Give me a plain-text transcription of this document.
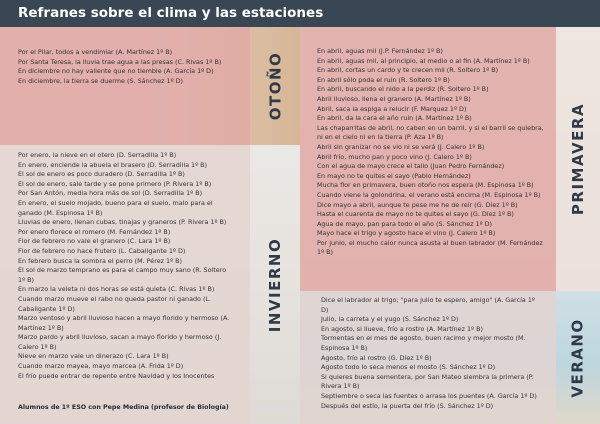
Refranes sobre el clima y las estaciones
Por el Pilar, todos a vendimiar (A. Martínez 1º B)
Por Santa Teresa, la lluvia trae agua a las presas (C. Rivas 1º B)
En diciembre no hay valiente que no tiemble (A. García 1º D)
En diciembre, la tierra se duerme (S. Sánchez 1º D)	OTOÑO
Por enero, la nieve en el otero (D. Serradilla 1º B)
En enero, enciende la abuela el brasero (D. Serradilla 1º B)
El sol de enero es poco duradero (D. Serradilla 1º B)
El sol de enero, sale tarde y se pone primero (P. Rivera 1º B)
Por San Antón, media hora más de sol (D. Serradilla 1º B)
En enero, el suelo mojado, bueno para el suelo, malo para el ganado (M. Espinosa 1º B)
Lluvias de enero, llenan cubas, tinajas y graneros (P. Rivera 1º B)
Por enero florece el romero (M. Fernández 1º B)
Flor de febrero no vale el granero (C. Lara 1º B)
Flor de febrero no hace frutero (L. Caballgante 1º D)
En febrero busca la sombra el perro (M. Pérez 1º B)
El sol de marzo temprano es para el campo muy sano (R. Soltero 1º B)
En marzo la veleta ni dos horas se está quieta (C. Rivas 1º B)
Cuando marzo mueve el rabo no queda pastor ni ganado (L. Caballgante 1º D)
Marzo ventoso y abril lluvioso hacen a mayo florido y hermoso (A. Martínez 1º B)
Marzo pardo y abril lluvioso, sacan a mayo florido y hermoso (J. Calero 1º B)
Nieve en marzo vale un dinerazo (C. Lara 1º B)
Cuando marzo mayea, mayo marcea (A. Frida 1º D)
El frío puede entrar de repente entre Navidad y los Inocentes
Alumnos de 1º ESO con Pepe Medina (profesor de Biología)
INVIERNO
En abril, aguas mil (J.P. Fernández 1º B)
En abril, aguas mil, al principio, al medio o al fin (A. Martínez 1º B)
En abril, cortas un cardo y te crecen mil (R. Soltero 1º B)
En abril sólo poda el ruin (R. Soltero 1º B)
En abril, buscando el nido a la perdiz (R. Soltero 1º B)
Abril lluvioso, llena el granero (A. Martínez 1º B)
Abril, saca la espiga a relucir (F. Marquez 1º D)
En abril, da la cara el año ruin (A. Martínez 1º B)
Las chaparritas de abril, no caben en un barril, y si el barril se quiebra, ni en el cielo ni en la tierra (P. Aza 1º B)
Abril sin granizar no se vio ni se verá (J. Calero 1º B)
Abril frío, mucho pan y poco vino (J. Calero 1º B)
Con el agua de mayo crece el tallo (Juan Pedro Fernández)
En mayo no te quites el sayo (Pablo Hernández)
Mucha flor en primavera, buen otoño nos espera (M. Espinosa 1º B)
Cuando viene la golondrina, el verano está encima (M. Espinosa 1º B)
Dice mayo a abril, aunque te pese me he de reír (G. Díez 1º B)
Hasta el cuarenta de mayo no te quites el sayo (G. Díez 1º B)
Agua de mayo, pan para todo el año (S. Sánchez 1º D)
Mayo hace el trigo y agosto hace el vino (J. Calero 1º B)
Por junio, el mucho calor nunca asusta al buen labrador (M. Fernández 1º B)
PRIMAVERA
Dice el labrador al trigo; "para julio te espero, amigo" (A. García 1º D)
Julio, la carreta y el yugo (S. Sánchez 1º D)
En agosto, si llueve, frío a rostro (A. Martínez 1º B)
Tormentas en el mes de agosto, buen racimo y mejor mosto (M. Espinosa 1º B)
Agosto, frío al rostro (G. Díez 1º B)
Agosto todo lo seca menos el mosto (S. Sánchez 1º D)
Si quieres buena sementera, por San Mateo siembra la primera (P. Rivera 1º B)
Septiembre o seca las fuentes o arrasa los puentes (A. García 1º D)
Después del estío, la puerta del frío (S. Sánchez 1º D)
VERANO
